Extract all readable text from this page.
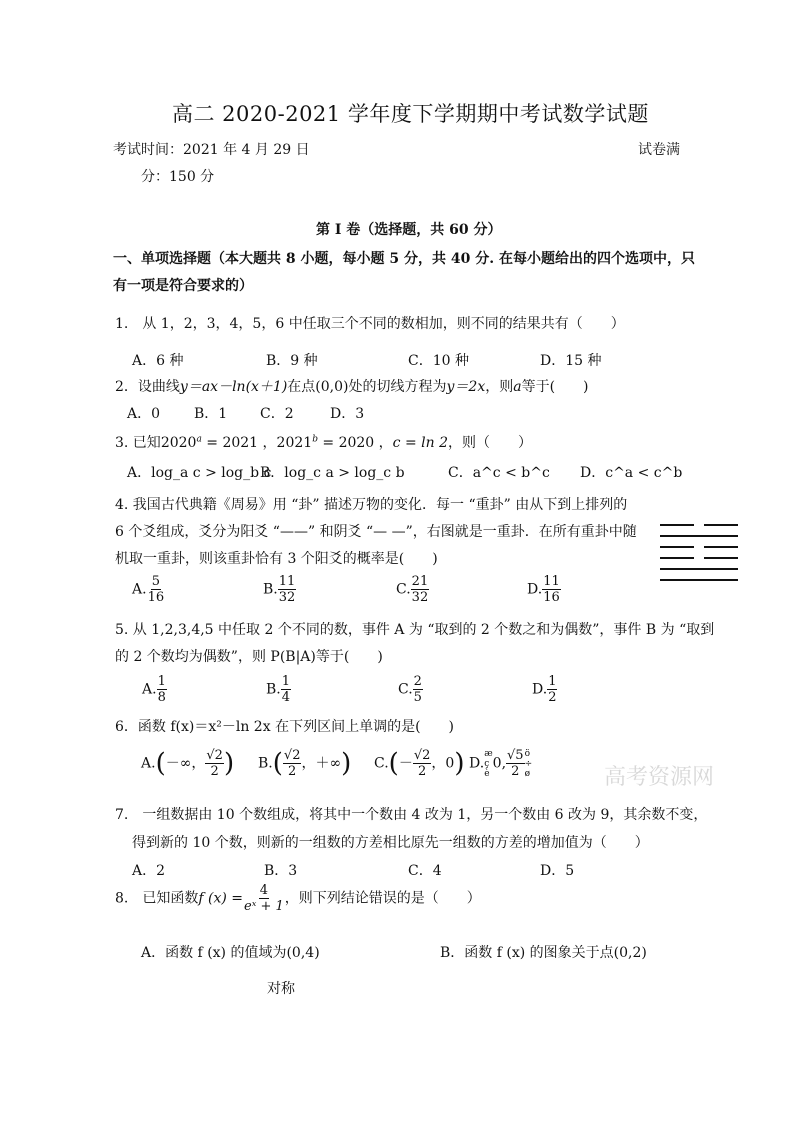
高二 2020-2021 学年度下学期期中考试数学试题
考试时间：2021 年 4 月 29 日	试卷满
分：150 分
第 I 卷（选择题，共 60 分）
一、单项选择题（本大题共 8 小题，每小题 5 分，共 40 分. 在每小题给出的四个选项中，只
有一项是符合要求的）
1.　从 1，2，3，4，5，6 中任取三个不同的数相加，则不同的结果共有（　　）
A．6 种	B．9 种	C．10 种	D．15 种
2．设曲线y＝ax－ln(x＋1)在点(0,0)处的切线方程为y＝2x，则a等于(　　)
A．0 B．1 C．2	D．3
3. 已知$2020^a = 2021$ ，$2021^b = 2020$ ，c = ln 2，则（　　）
A．log_a c > log_b c
B．log_c a > log_c b	C．a^c < b^c D．c^a < c^b
4. 我国古代典籍《周易》用 “卦” 描述万物的变化．每一 “重卦” 由从下到上排列的
6 个爻组成，爻分为阳爻 “——” 和阴爻 “— —”，右图就是一重卦．在所有重卦中随
机取一重卦，则该重卦恰有 3 个阳爻的概率是(　　)
A. $\frac{5}{16}$	B. $\frac{11}{32}$	C. $\frac{21}{32}$	D. $\frac{11}{16}$
5. 从 1,2,3,4,5 中任取 2 个不同的数，事件 A 为 “取到的 2 个数之和为偶数”，事件 B 为 “取到
的 2 个数均为偶数”，则 P(B|A)等于(　　)
A. $\frac{1}{8}$	B. $\frac{1}{4}$	C. $\frac{2}{5}$	D. $\frac{1}{2}$
6．函数 f(x)＝x²－ln 2x 在下列区间上单调的是(　　)
A.(－∞， $\frac{√2}{2}$ ) $B.( \frac{√2}{2}$ ，＋∞) $C.(- \frac{√2}{2}$ ，0) D.æ
ç
è0, $\frac{√5}{2}$ ö
÷
ø	高考资源网
7.　一组数据由 10 个数组成，将其中一个数由 4 改为 1，另一个数由 6 改为 9，其余数不变，
得到新的 10 个数，则新的一组数的方差相比原先一组数的方差的增加值为（　　）
A．2	B．3	C．4	D．5
8.　已知函数f $(x) = \frac{4}{\text{eˣ + 1}}$ ，则下列结论错误的是（　　）
A．函数 f (x) 的值域为(0,4)	B．函数 f (x) 的图象关于点(0,2)
对称
